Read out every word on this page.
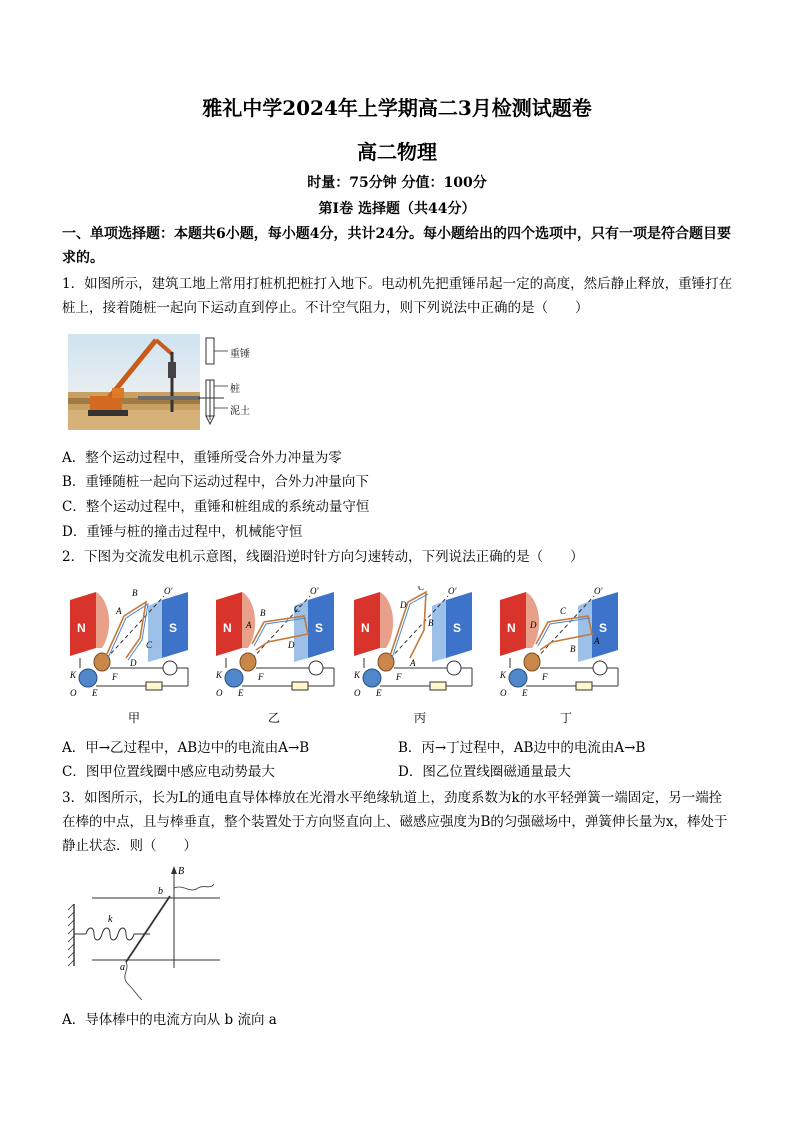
雅礼中学2024年上学期高二3月检测试题卷
高二物理
时量：75分钟 分值：100分
第Ⅰ卷 选择题（共44分）
一、单项选择题：本题共6小题，每小题4分，共计24分。每小题给出的四个选项中，只有一项是符合题目要求的。
1．如图所示，建筑工地上常用打桩机把桩打入地下。电动机先把重锤吊起一定的高度，然后静止释放，重锤打在桩上，接着随桩一起向下运动直到停止。不计空气阻力，则下列说法中正确的是（　　）
重锤
桩
泥土
A．整个运动过程中，重锤所受合外力冲量为零
B．重锤随桩一起向下运动过程中，合外力冲量向下
C．整个运动过程中，重锤和桩组成的系统动量守恒
D．重锤与桩的撞击过程中，机械能守恒
2．下图为交流发电机示意图，线圈沿逆时针方向匀速转动，下列说法正确的是（　　）
A
B
C
D
B
A
C
D
C
D
B
A
C
D
A
B
甲	乙	丙	丁
A．甲→乙过程中，AB边中的电流由A→B	B．丙→丁过程中，AB边中的电流由A→B
C．图甲位置线圈中感应电动势最大	D．图乙位置线圈磁通量最大
3．如图所示，长为L的通电直导体棒放在光滑水平绝缘轨道上，劲度系数为k的水平轻弹簧一端固定，另一端拴在棒的中点，且与棒垂直，整个装置处于方向竖直向上、磁感应强度为B的匀强磁场中，弹簧伸长量为x，棒处于静止状态．则（　　）
B
b
k
a
A．导体棒中的电流方向从 b 流向 a
